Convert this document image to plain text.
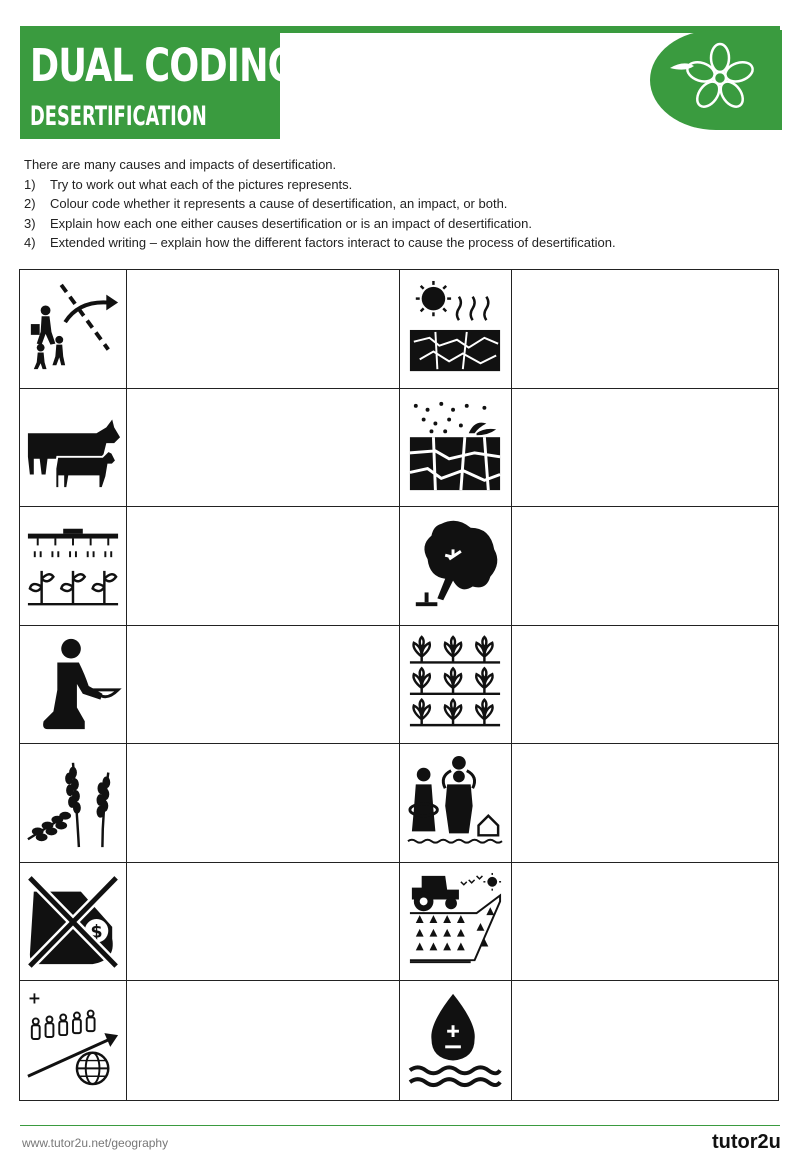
DUAL CODING
DESERTIFICATION
There are many causes and impacts of desertification.
1)	Try to work out what each of the pictures represents.
2)	Colour code whether it represents a cause of desertification, an impact, or both.
3)	Explain how each one either causes desertification or is an impact of desertification.
4)	Extended writing – explain how the different factors interact to cause the process of desertification.
$
+
www.tutor2u.net/geography	tutor2u
